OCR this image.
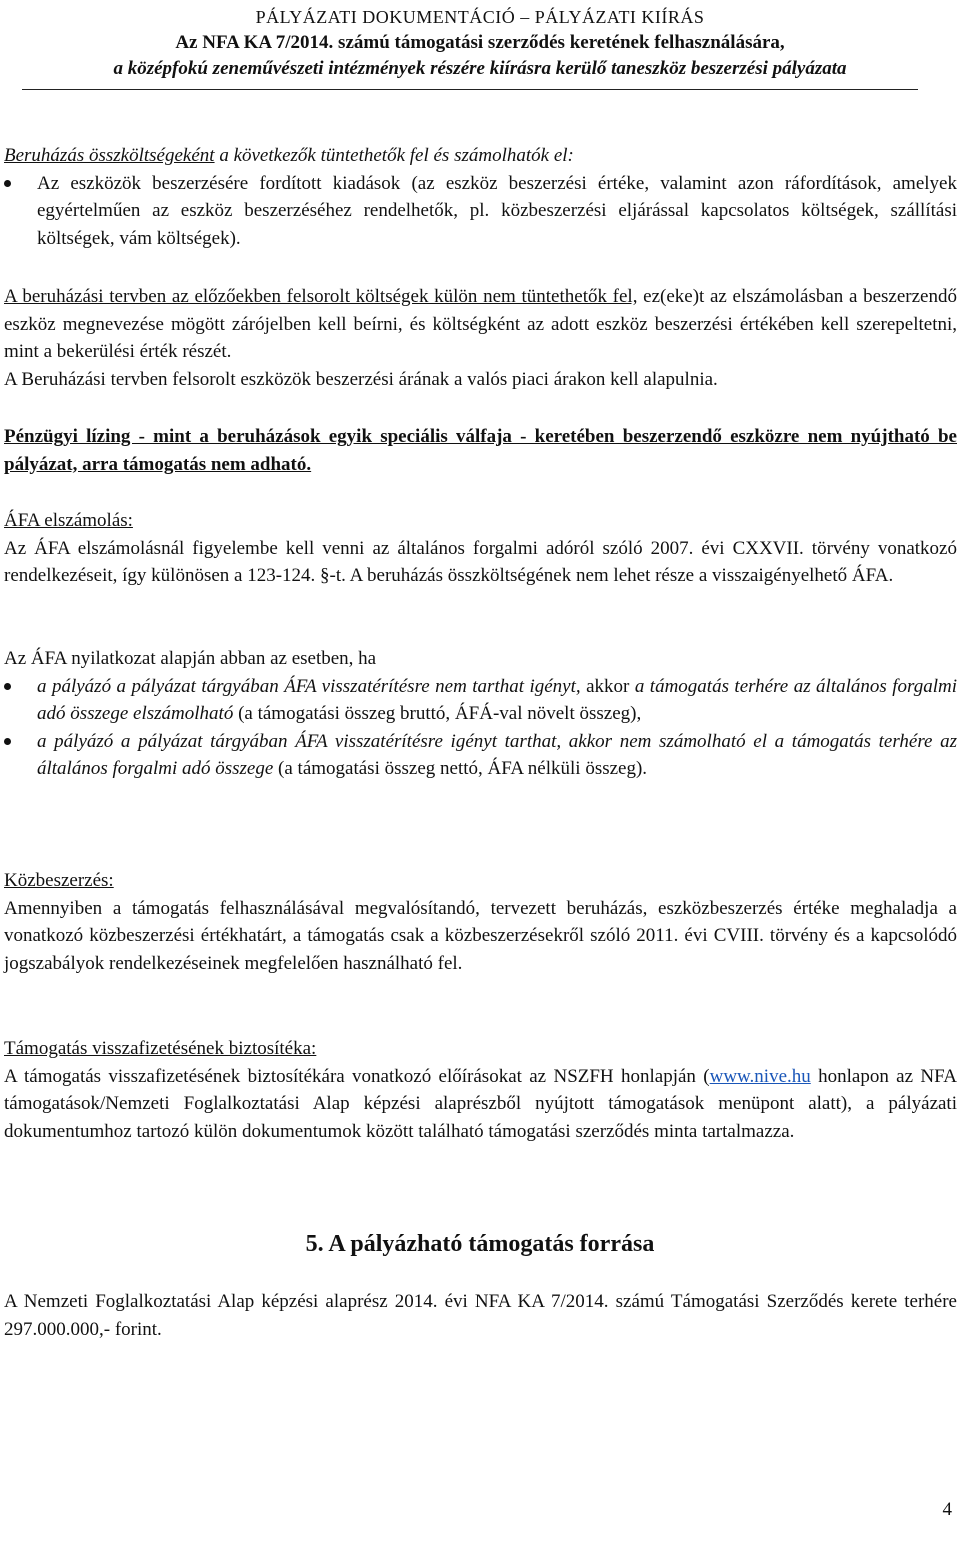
PÁLYÁZATI DOKUMENTÁCIÓ – PÁLYÁZATI KIÍRÁS
Az NFA KA 7/2014. számú támogatási szerződés keretének felhasználására,
a középfokú zeneművészeti intézmények részére kiírásra kerülő taneszköz beszerzési pályázata

Beruházás összköltségeként a következők tüntethetők fel és számolhatók el:

Az eszközök beszerzésére fordított kiadások (az eszköz beszerzési értéke, valamint azon ráfordítások, amelyek egyértelműen az eszköz beszerzéséhez rendelhetők, pl. közbeszerzési eljárással kapcsolatos költségek, szállítási költségek, vám költségek).

A beruházási tervben az előzőekben felsorolt költségek külön nem tüntethetők fel, ez(eke)t az elszámolásban a beszerzendő eszköz megnevezése mögött zárójelben kell beírni, és költségként az adott eszköz beszerzési értékében kell szerepeltetni, mint a bekerülési érték részét.

A Beruházási tervben felsorolt eszközök beszerzési árának a valós piaci árakon kell alapulnia.

Pénzügyi lízing - mint a beruházások egyik speciális válfaja - keretében beszerzendő eszközre nem nyújtható be pályázat, arra támogatás nem adható.

ÁFA elszámolás:

Az ÁFA elszámolásnál figyelembe kell venni az általános forgalmi adóról szóló 2007. évi CXXVII. törvény vonatkozó rendelkezéseit, így különösen a 123-124. §-t. A beruházás összköltségének nem lehet része a visszaigényelhető ÁFA.

Az ÁFA nyilatkozat alapján abban az esetben, ha

a pályázó a pályázat tárgyában ÁFA visszatérítésre nem tarthat igényt, akkor a támogatás terhére az általános forgalmi adó összege elszámolható (a támogatási összeg bruttó, ÁFÁ-val növelt összeg),
a pályázó a pályázat tárgyában ÁFA visszatérítésre igényt tarthat, akkor nem számolható el a támogatás terhére az általános forgalmi adó összege (a támogatási összeg nettó, ÁFA nélküli összeg).

Közbeszerzés:

Amennyiben a támogatás felhasználásával megvalósítandó, tervezett beruházás, eszközbeszerzés értéke meghaladja a vonatkozó közbeszerzési értékhatárt, a támogatás csak a közbeszerzésekről szóló 2011. évi CVIII. törvény és a kapcsolódó jogszabályok rendelkezéseinek megfelelően használható fel.

Támogatás visszafizetésének biztosítéka:

A támogatás visszafizetésének biztosítékára vonatkozó előírásokat az NSZFH honlapján (www.nive.hu honlapon az NFA támogatások/Nemzeti Foglalkoztatási Alap képzési alaprészből nyújtott támogatások menüpont alatt), a pályázati dokumentumhoz tartozó külön dokumentumok között található támogatási szerződés minta tartalmazza.

5. A pályázható támogatás forrása

A Nemzeti Foglalkoztatási Alap képzési alaprész 2014. évi NFA KA 7/2014. számú Támogatási Szerződés kerete terhére 297.000.000,- forint.

4
